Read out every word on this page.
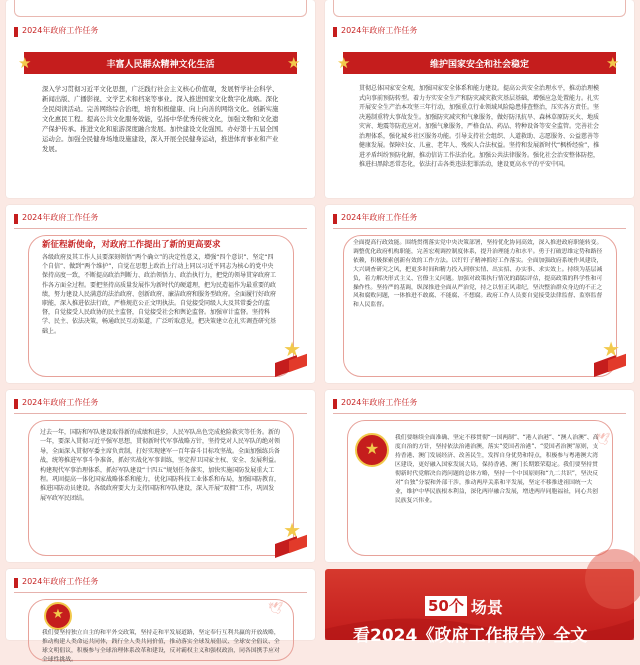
2024年政府工作任务
★	丰富人民群众精神文化生活	★
深入学习贯彻习近平文化思想，广泛践行社会主义核心价值观，发展哲学社会科学、新闻出版、广播影视、文学艺术和档案等事业。深入推进国家文化数字化战略。深化全民阅读活动。完善网络综合治理，培育积极健康、向上向善的网络文化。创新实施文化惠民工程。提高公共文化服务效能，弘扬中华优秀传统文化，加强文物和文化遗产保护传承。推进文化和旅游深度融合发展。加快建设文化强国。办好第十五届全国运动会。加强全民健身场地设施建设，深入开展全民健身运动，推进体育事业和产业发展。
2024年政府工作任务
★	维护国家安全和社会稳定	★
贯彻总体国家安全观，加强国家安全体系和能力建设。提高公共安全治理水平，推动治理模式向事前预防转型。着力夯实安全生产和防灾减灾救灾基层基础，增强应急处置能力。扎实开展安全生产治本攻坚三年行动，加强重点行业领域风险隐患排查整治，压实各方责任。坚决遏制重特大事故发生。加强防灾减灾和气象服务，做好防汛抗旱、森林草原防灭火、地质灾害、地震等防范应对。加强气象服务，严格食品、药品、特种设备等安全监管。完善社会治理体系，强化城乡社区服务功能。引导支持社会组织、人道救助、志愿服务、公益慈善等健康发展。保障妇女、儿童、老年人、残疾人合法权益。坚持和发展新时代“枫桥经验”，推进矛盾纠纷预防化解，推动信访工作法治化。加强公共法律服务。强化社会治安整体防控，推进扫黑除恶常态化，依法打击各类违法犯罪活动，建设更高水平的平安中国。
2024年政府工作任务
新征程新使命，对政府工作提出了新的更高要求
各级政府及其工作人员要深刻领悟“两个确立”的决定性意义，增强“四个意识”、坚定“四个自信”、做到“两个维护”，自觉在思想上政治上行动上同以习近平同志为核心的党中央保持高度一致，不断提高政治判断力、政治领悟力、政治执行力，把党的领导贯穿政府工作各方面全过程。要把坚持高质量发展作为新时代的硬道理，把为民造福作为最重要的政绩，努力建设人民满意的法治政府、创新政府、廉洁政府和服务型政府。全面履行好政府职能，深入推进依法行政，严格规范公正文明执法。自觉接受同级人大及其常委会的监督，自觉接受人民政协的民主监督，自觉接受社会和舆论监督。加强审计监督。坚持科学、民主、依法决策，畅通政民互动渠道，广泛听取意见，把决策建立在扎实调查研究基础上。
★
2024年政府工作任务
全面提高行政效能。围绕贯彻落实党中央决策部署，坚持优化协同高效，深入推进政府职能转变。调整优化政府机构职能，完善宏观调控制度体系，提升治理能力和水平。勇于打破思维定势和路径依赖，积极探索创新有效的工作方法。以钉钉子精神抓好工作落实。全面加强政府系统作风建设，大兴调查研究之风，把更多时间和精力投入到察实情、出实招、办实事、求实效上。持续为基层减负，着力解决形式主义、官僚主义问题。加强对政策执行情况的跟踪评估，提高政策的科学性和可操作性。坚持严的基调，纵深推进全面从严治党，持之以恒正风肃纪，坚决整治群众身边的不正之风和腐败问题，一体推进不敢腐、不能腐、不想腐。政府工作人员要自觉接受法律监督、监察监督和人民监督。
★
2024年政府工作任务
过去一年，国防和军队建设取得新的成绩和进步，人民军队出色完成抢险救灾等任务。新的一年，要深入贯彻习近平强军思想，贯彻新时代军事战略方针，坚持党对人民军队的绝对领导，全面深入贯彻军委主席负责制，打好实现建军一百年奋斗目标攻坚战。全面加强练兵备战，统筹推进军事斗争准备，抓好实战化军事训练，坚定捍卫国家主权、安全、发展利益。构建现代军事治理体系，抓好军队建设“十四五”规划任务落实，加快实施国防发展重大工程。巩固提高一体化国家战略体系和能力，优化国防科技工业体系和布局，加强国防教育，推进国防动员建设。各级政府要大力支持国防和军队建设，深入开展“双拥”工作，巩固发展军政军民团结。
★
2024年政府工作任务
★	🕊
我们要继续全面准确、坚定不移贯彻“一国两制”、“港人治港”、“澳人治澳”、高度自治的方针，坚持依法治港治澳，落实“爱国者治港”、“爱国者治澳”原则，支持香港、澳门发展经济、改善民生，发挥自身优势和特点，积极参与粤港澳大湾区建设，更好融入国家发展大局，保持香港、澳门长期繁荣稳定。我们要坚持贯彻新时代党解决台湾问题的总体方略，坚持一个中国原则和“九二共识”，坚决反对“台独”分裂和外部干涉，推动两岸关系和平发展，坚定不移推进祖国统一大业，维护中华民族根本利益，深化两岸融合发展，增进两岸同胞福祉，同心共创民族复兴伟业。
2024年政府工作任务
★	🕊
我们要坚持独立自主的和平外交政策，坚持走和平发展道路，坚定奉行互利共赢的开放战略，推动构建人类命运共同体，践行全人类共同价值，推动落实全球发展倡议、全球安全倡议、全球文明倡议，积极参与全球治理体系改革和建设，反对霸权主义和强权政治，同各国携手应对全球性挑战。
50个 场景
看2024《政府工作报告》全文
